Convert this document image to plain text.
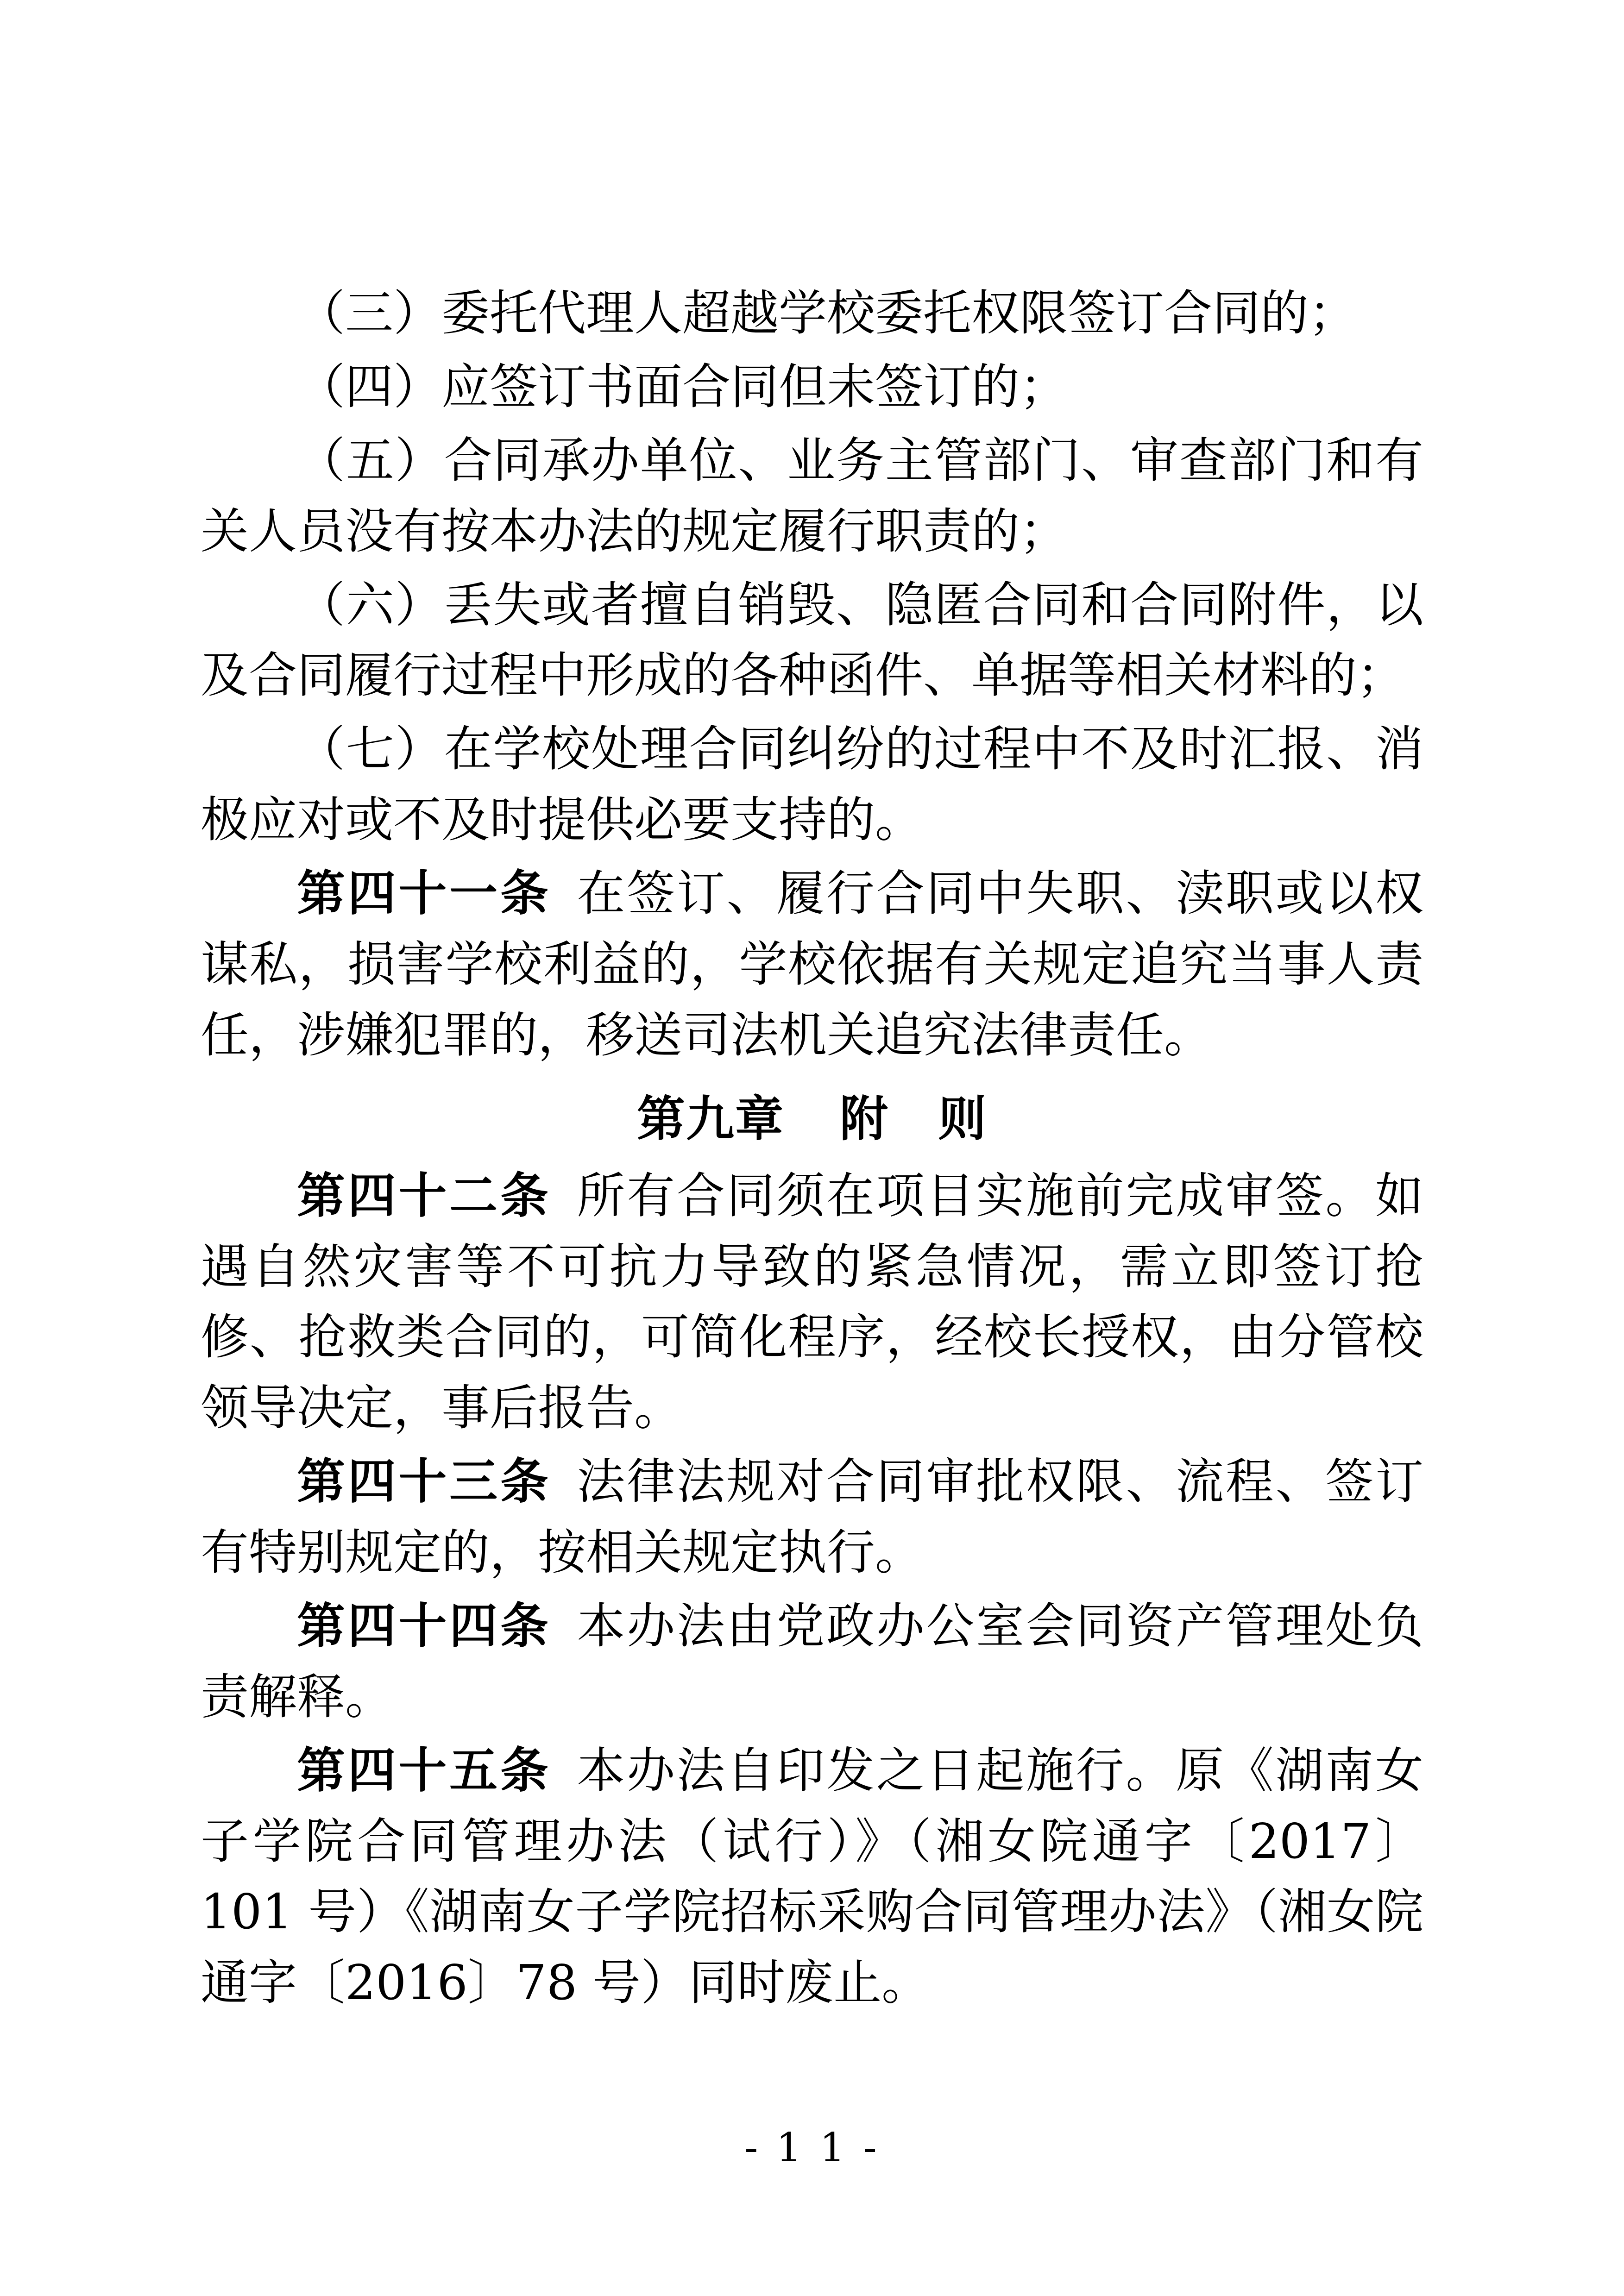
（三）委托代理人超越学校委托权限签订合同的；

（四）应签订书面合同但未签订的；

（五）合同承办单位、业务主管部门、审查部门和有关人员没有按本办法的规定履行职责的；

（六）丢失或者擅自销毁、隐匿合同和合同附件，以及合同履行过程中形成的各种函件、单据等相关材料的；

（七）在学校处理合同纠纷的过程中不及时汇报、消极应对或不及时提供必要支持的。

第四十一条 在签订、履行合同中失职、渎职或以权谋私，损害学校利益的，学校依据有关规定追究当事人责任，涉嫌犯罪的，移送司法机关追究法律责任。

第九章 附　则

第四十二条 所有合同须在项目实施前完成审签。如遇自然灾害等不可抗力导致的紧急情况，需立即签订抢修、抢救类合同的，可简化程序，经校长授权，由分管校领导决定，事后报告。

第四十三条 法律法规对合同审批权限、流程、签订有特别规定的，按相关规定执行。

第四十四条 本办法由党政办公室会同资产管理处负责解释。

第四十五条 本办法自印发之日起施行。原《湖南女子学院合同管理办法（试行）》（湘女院通字〔2017〕101 号）《湖南女子学院招标采购合同管理办法》（湘女院通字〔2016〕78 号）同时废止。

- 1 1 -
